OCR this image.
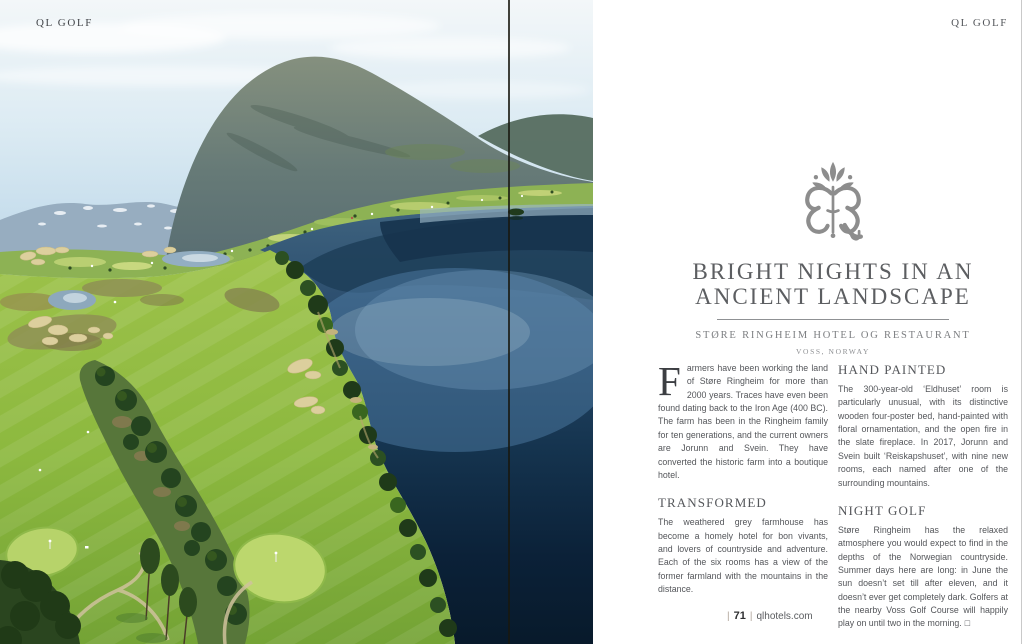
QL GOLF	QL GOLF
BRIGHT NIGHTS IN AN
ANCIENT LANDSCAPE

STØRE RINGHEIM HOTEL OG RESTAURANT

VOSS, NORWAY

Farmers have been working the land of Støre Ringheim for more than 2000 years. Traces have even been found dating back to the Iron Age (400 BC). The farm has been in the Ringheim family for ten generations, and the current owners are Jorunn and Svein. They have converted the historic farm into a boutique hotel.

TRANSFORMED

The weathered grey farmhouse has become a homely hotel for bon vivants, and lovers of countryside and adventure. Each of the six rooms has a view of the former farmland with the mountains in the distance.

HAND PAINTED

The 300-year-old ‘Eldhuset’ room is particularly unusual, with its distinctive wooden four-poster bed, hand-painted with floral ornamentation, and the open fire in the slate fireplace. In 2017, Jorunn and Svein built ‘Reiskapshuset’, with nine new rooms, each named after one of the surrounding mountains.

NIGHT GOLF

Støre Ringheim has the relaxed atmosphere you would expect to find in the depths of the Norwegian countryside. Summer days here are long: in June the sun doesn’t set till after eleven, and it doesn’t ever get completely dark. Golfers at the nearby Voss Golf Course will happily play on until two in the morning. □

| 71 | qlhotels.com
